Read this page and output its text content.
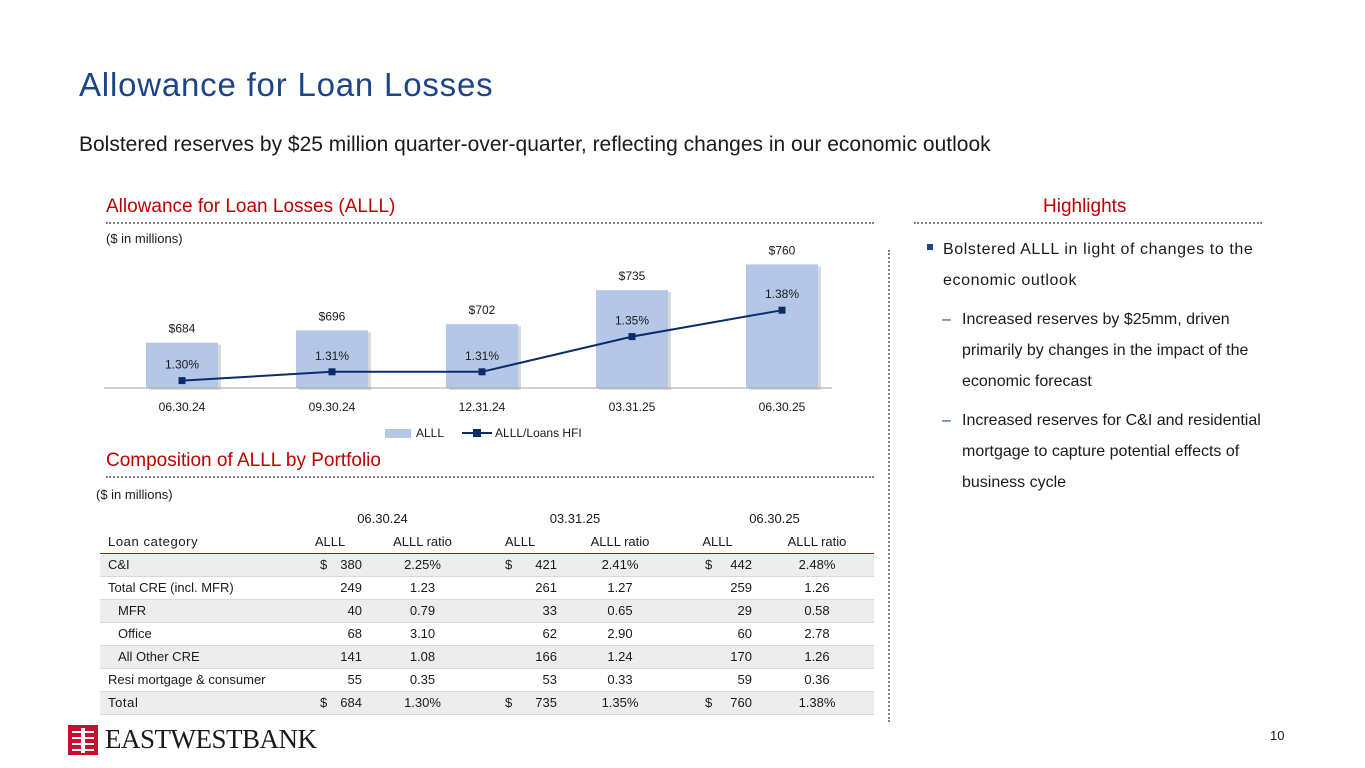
Allowance for Loan Losses
Bolstered reserves by $25 million quarter-over-quarter, reflecting changes in our economic outlook
Allowance for Loan Losses (ALLL)
($ in millions)
$684
1.30%
06.30.24
$696
1.31%
09.30.24
$702
1.31%
12.31.24
$735
1.35%
03.31.25
$760
1.38%
06.30.25
ALLL	ALLL/Loans HFI
Composition of ALLL by Portfolio
($ in millions)
	06.30.24		03.31.25		06.30.25	
Loan category	ALLL	ALLL ratio	ALLL	ALLL ratio	ALLL	ALLL ratio
C&I	$ 380	2.25%	$ 421	2.41%	$ 442	2.48%
Total CRE (incl. MFR)	249	1.23	261	1.27	259	1.26
MFR	40	0.79	33	0.65	29	0.58
Office	68	3.10	62	2.90	60	2.78
All Other CRE	141	1.08	166	1.24	170	1.26
Resi mortgage & consumer	55	0.35	53	0.33	59	0.36
Total	$ 684	1.30%	$ 735	1.35%	$ 760	1.38%
Highlights
Bolstered ALLL in light of changes to the economic outlook
– Increased reserves by $25mm, driven primarily by changes in the impact of the economic forecast
– Increased reserves for C&I and residential mortgage to capture potential effects of business cycle
EASTWESTBANK	10
